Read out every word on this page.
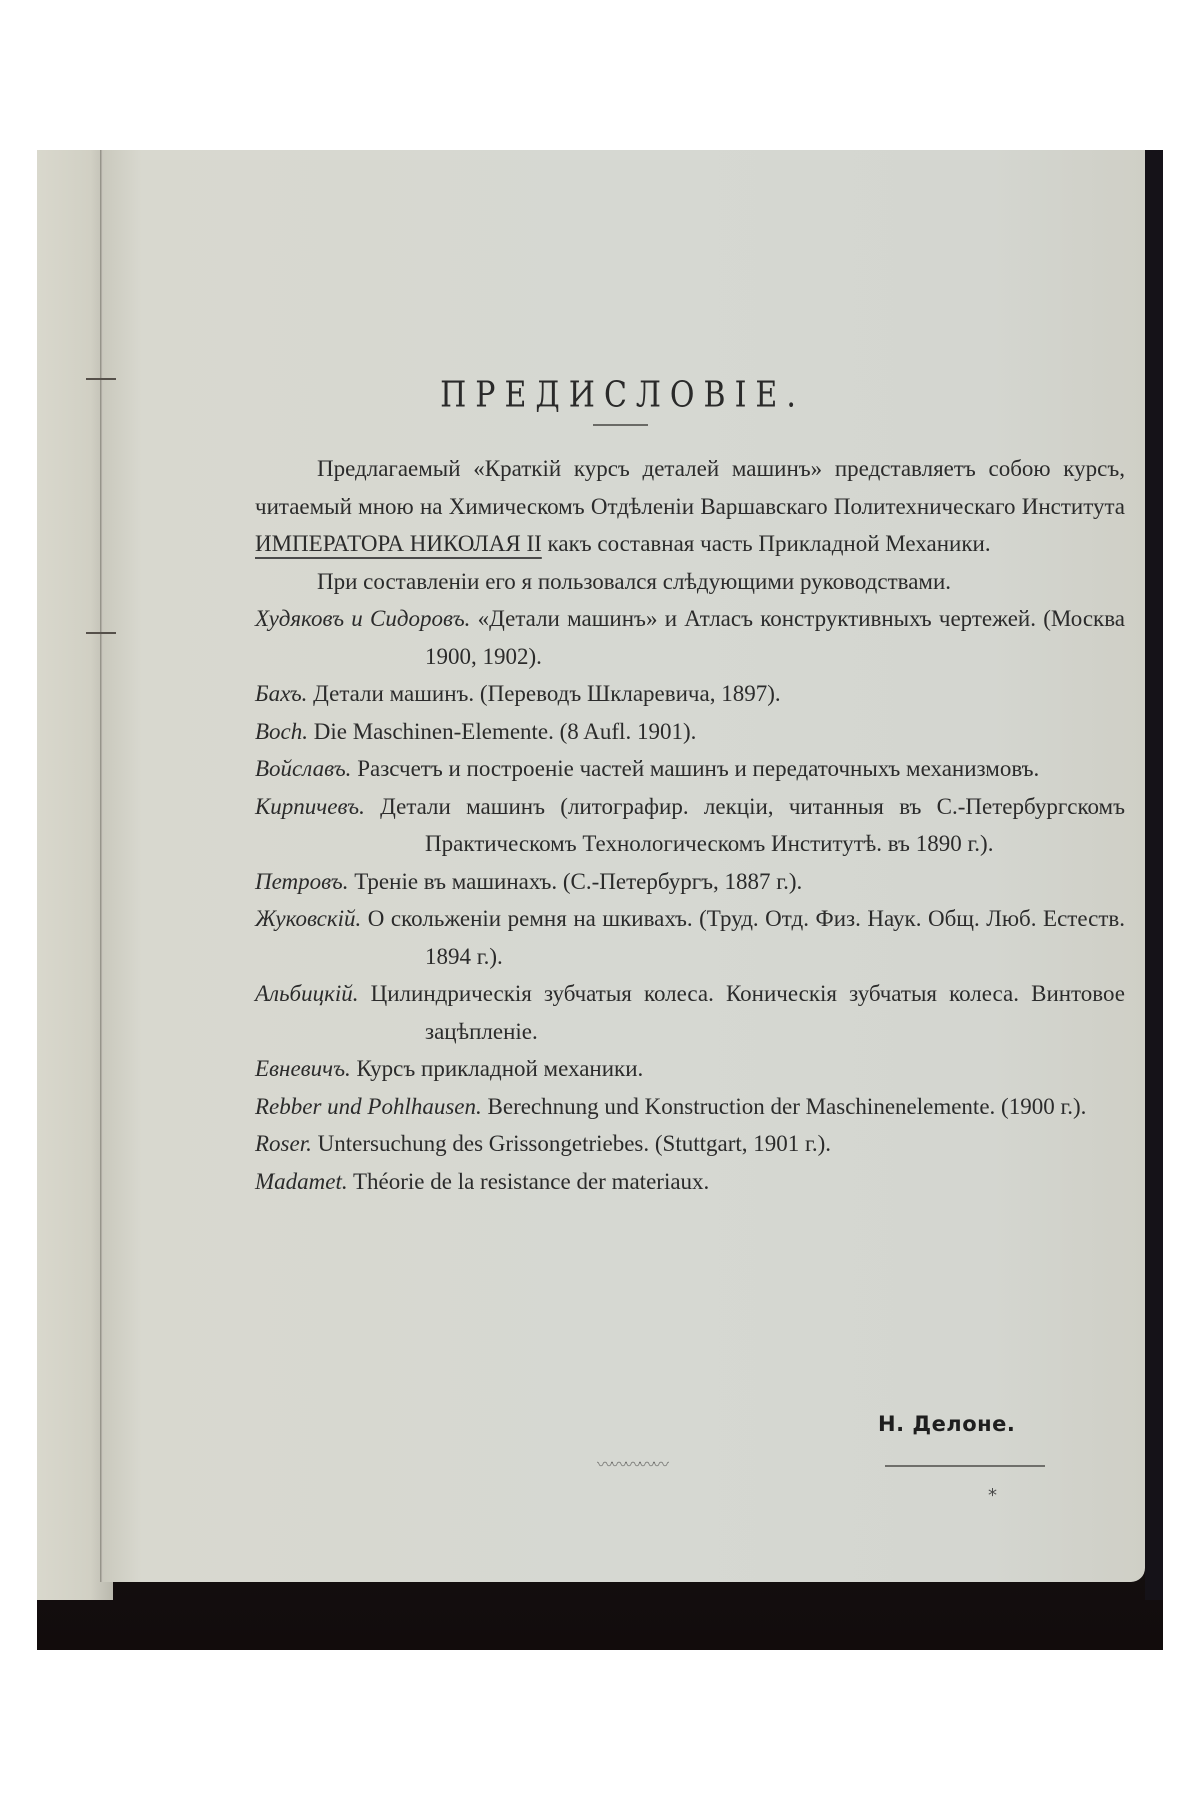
ПРЕДИСЛОВІЕ.

Предлагаемый «Краткій курсъ деталей машинъ» представляетъ собою курсъ, читаемый мною на Химическомъ Отдѣленіи Варшавскаго Политехническаго Института ИМПЕРАТОРА НИКОЛАЯ II какъ составная часть Прикладной Механики.

При составленіи его я пользовался слѣдующими руководствами.

Худяковъ и Сидоровъ. «Детали машинъ» и Атласъ конструктивныхъ чертежей. (Москва 1900, 1902).

Бахъ. Детали машинъ. (Переводъ Шкларевича, 1897).

Boch. Die Maschinen-Elemente. (8 Aufl. 1901).

Войславъ. Разсчетъ и построеніе частей машинъ и передаточныхъ механизмовъ.

Кирпичевъ. Детали машинъ (литографир. лекціи, читанныя въ С.-Петербургскомъ Практическомъ Технологическомъ Институтѣ. въ 1890 г.).

Петровъ. Треніе въ машинахъ. (С.-Петербургъ, 1887 г.).

Жуковскій. О скольженіи ремня на шкивахъ. (Труд. Отд. Физ. Наук. Общ. Люб. Естеств. 1894 г.).

Альбицкій. Цилиндрическія зубчатыя колеса. Коническія зубчатыя колеса. Винтовое зацѣпленіе.

Евневичъ. Курсъ прикладной механики.

Rebber und Pohlhausen. Berechnung und Konstruction der Maschinenelemente. (1900 г.).

Roser. Untersuchung des Grissongetriebes. (Stuttgart, 1901 г.).

Madamet. Théorie de la resistance der materiaux.

Н. Делоне.
〰〰〰〰〰
*
